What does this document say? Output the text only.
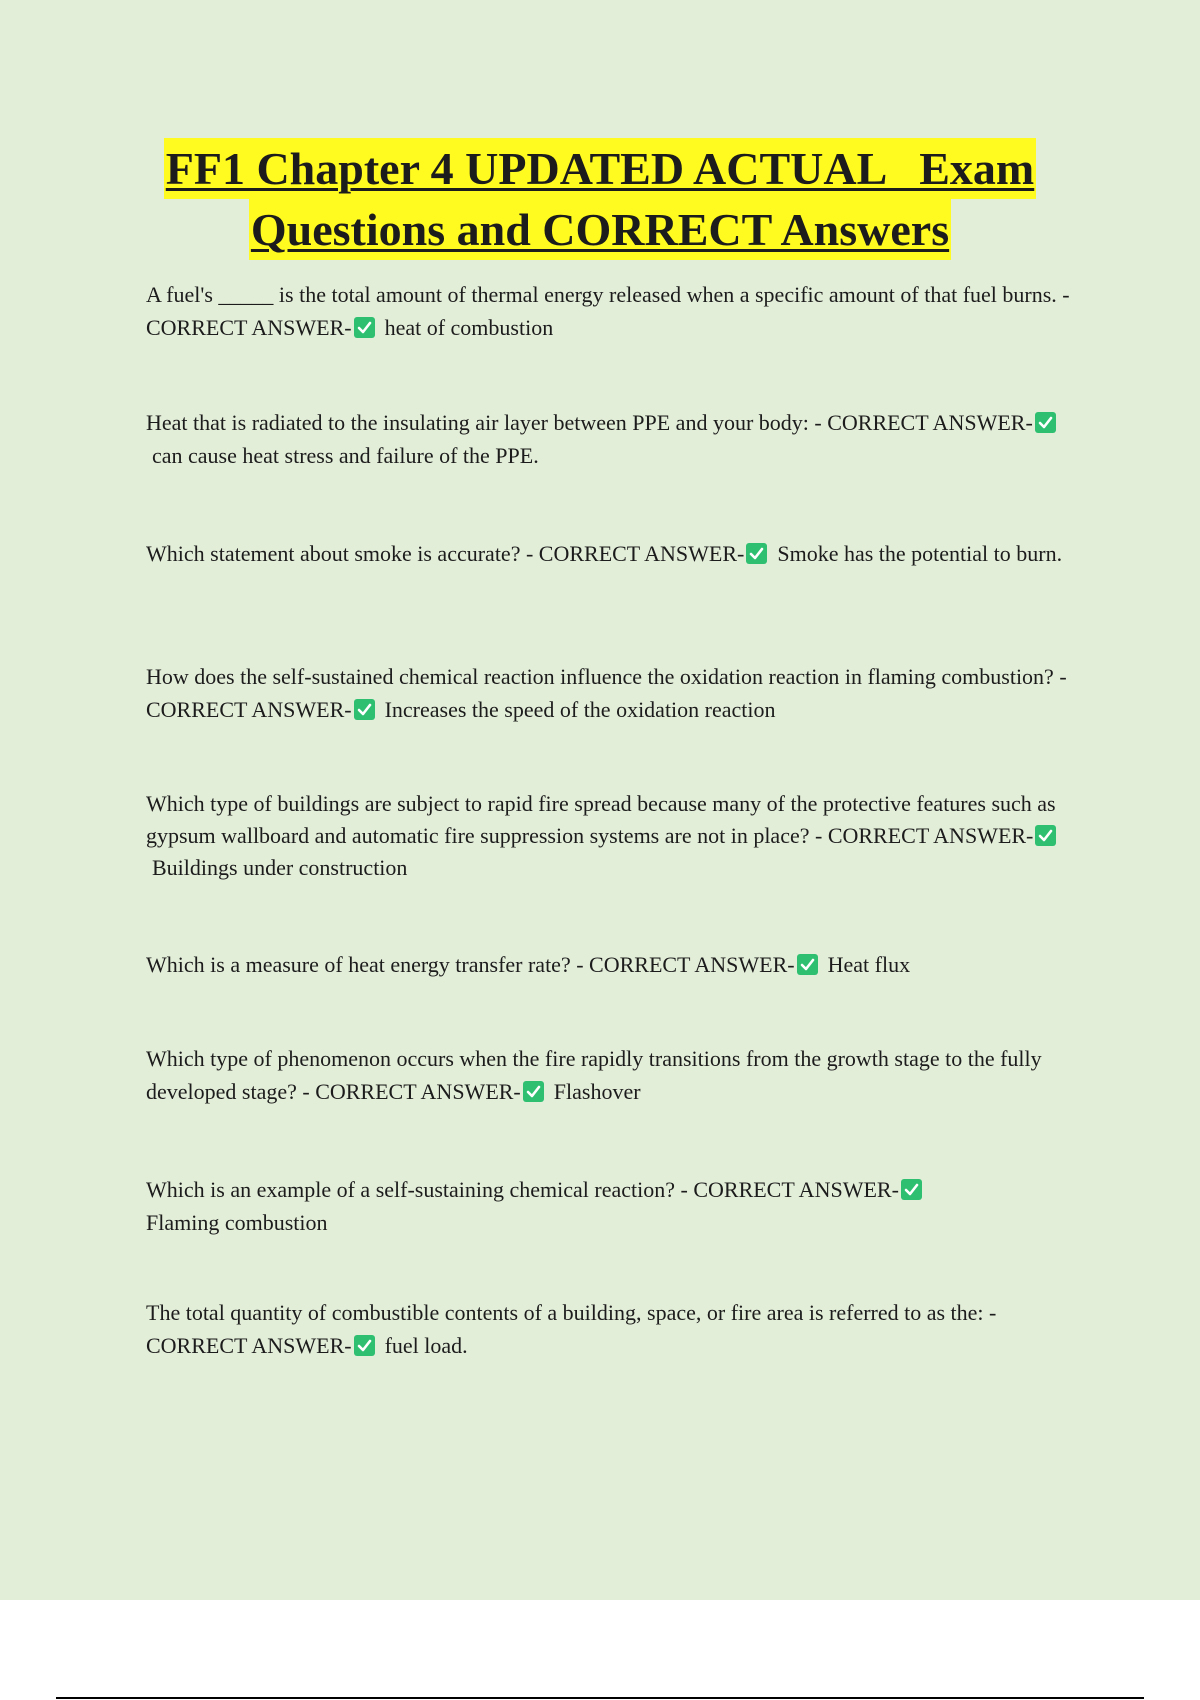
FF1 Chapter 4 UPDATED ACTUAL   Exam
Questions and CORRECT Answers
A fuel's _____ is the total amount of thermal energy released when a specific amount of that fuel burns. - CORRECT ANSWER- heat of combustion
Heat that is radiated to the insulating air layer between PPE and your body: - CORRECT ANSWER-
can cause heat stress and failure of the PPE.
Which statement about smoke is accurate? - CORRECT ANSWER- Smoke has the potential to burn.
How does the self-sustained chemical reaction influence the oxidation reaction in flaming combustion? - CORRECT ANSWER- Increases the speed of the oxidation reaction
Which type of buildings are subject to rapid fire spread because many of the protective features such as gypsum wallboard and automatic fire suppression systems are not in place? - CORRECT ANSWER-
Buildings under construction
Which is a measure of heat energy transfer rate? - CORRECT ANSWER- Heat flux
Which type of phenomenon occurs when the fire rapidly transitions from the growth stage to the fully developed stage? - CORRECT ANSWER- Flashover
Which is an example of a self-sustaining chemical reaction? - CORRECT ANSWER-

Flaming combustion
The total quantity of combustible contents of a building, space, or fire area is referred to as the: - CORRECT ANSWER- fuel load.
